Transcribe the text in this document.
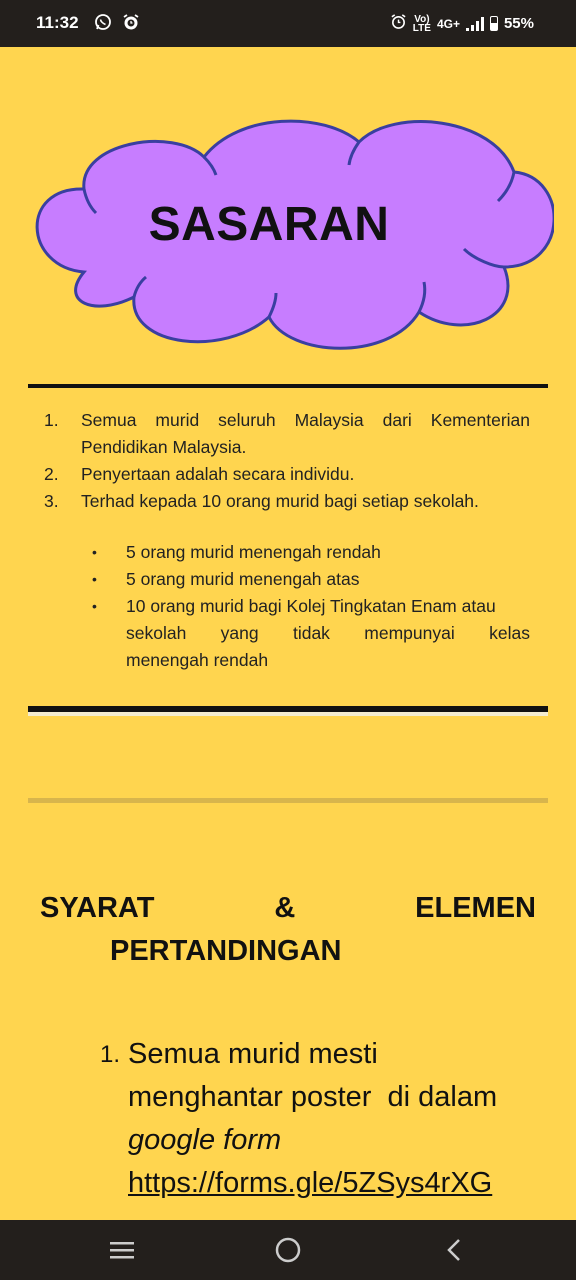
11:32	Vo)
LTE 4G+	55%
SASARAN
1.	Semua murid seluruh Malaysia dari Kementerian
Pendidikan Malaysia.
2.	Penyertaan adalah secara individu.
3.	Terhad kepada 10 orang murid bagi setiap sekolah.
•	5 orang murid menengah rendah
•	5 orang murid menengah atas
•	10 orang murid bagi Kolej Tingkatan Enam atau
sekolah yang tidak mempunyai kelas
menengah rendah
SYARAT	&	ELEMEN
PERTANDINGAN
1. Semua murid mesti
menghantar poster  di dalam
google form
https://forms.gle/5ZSys4rXG
